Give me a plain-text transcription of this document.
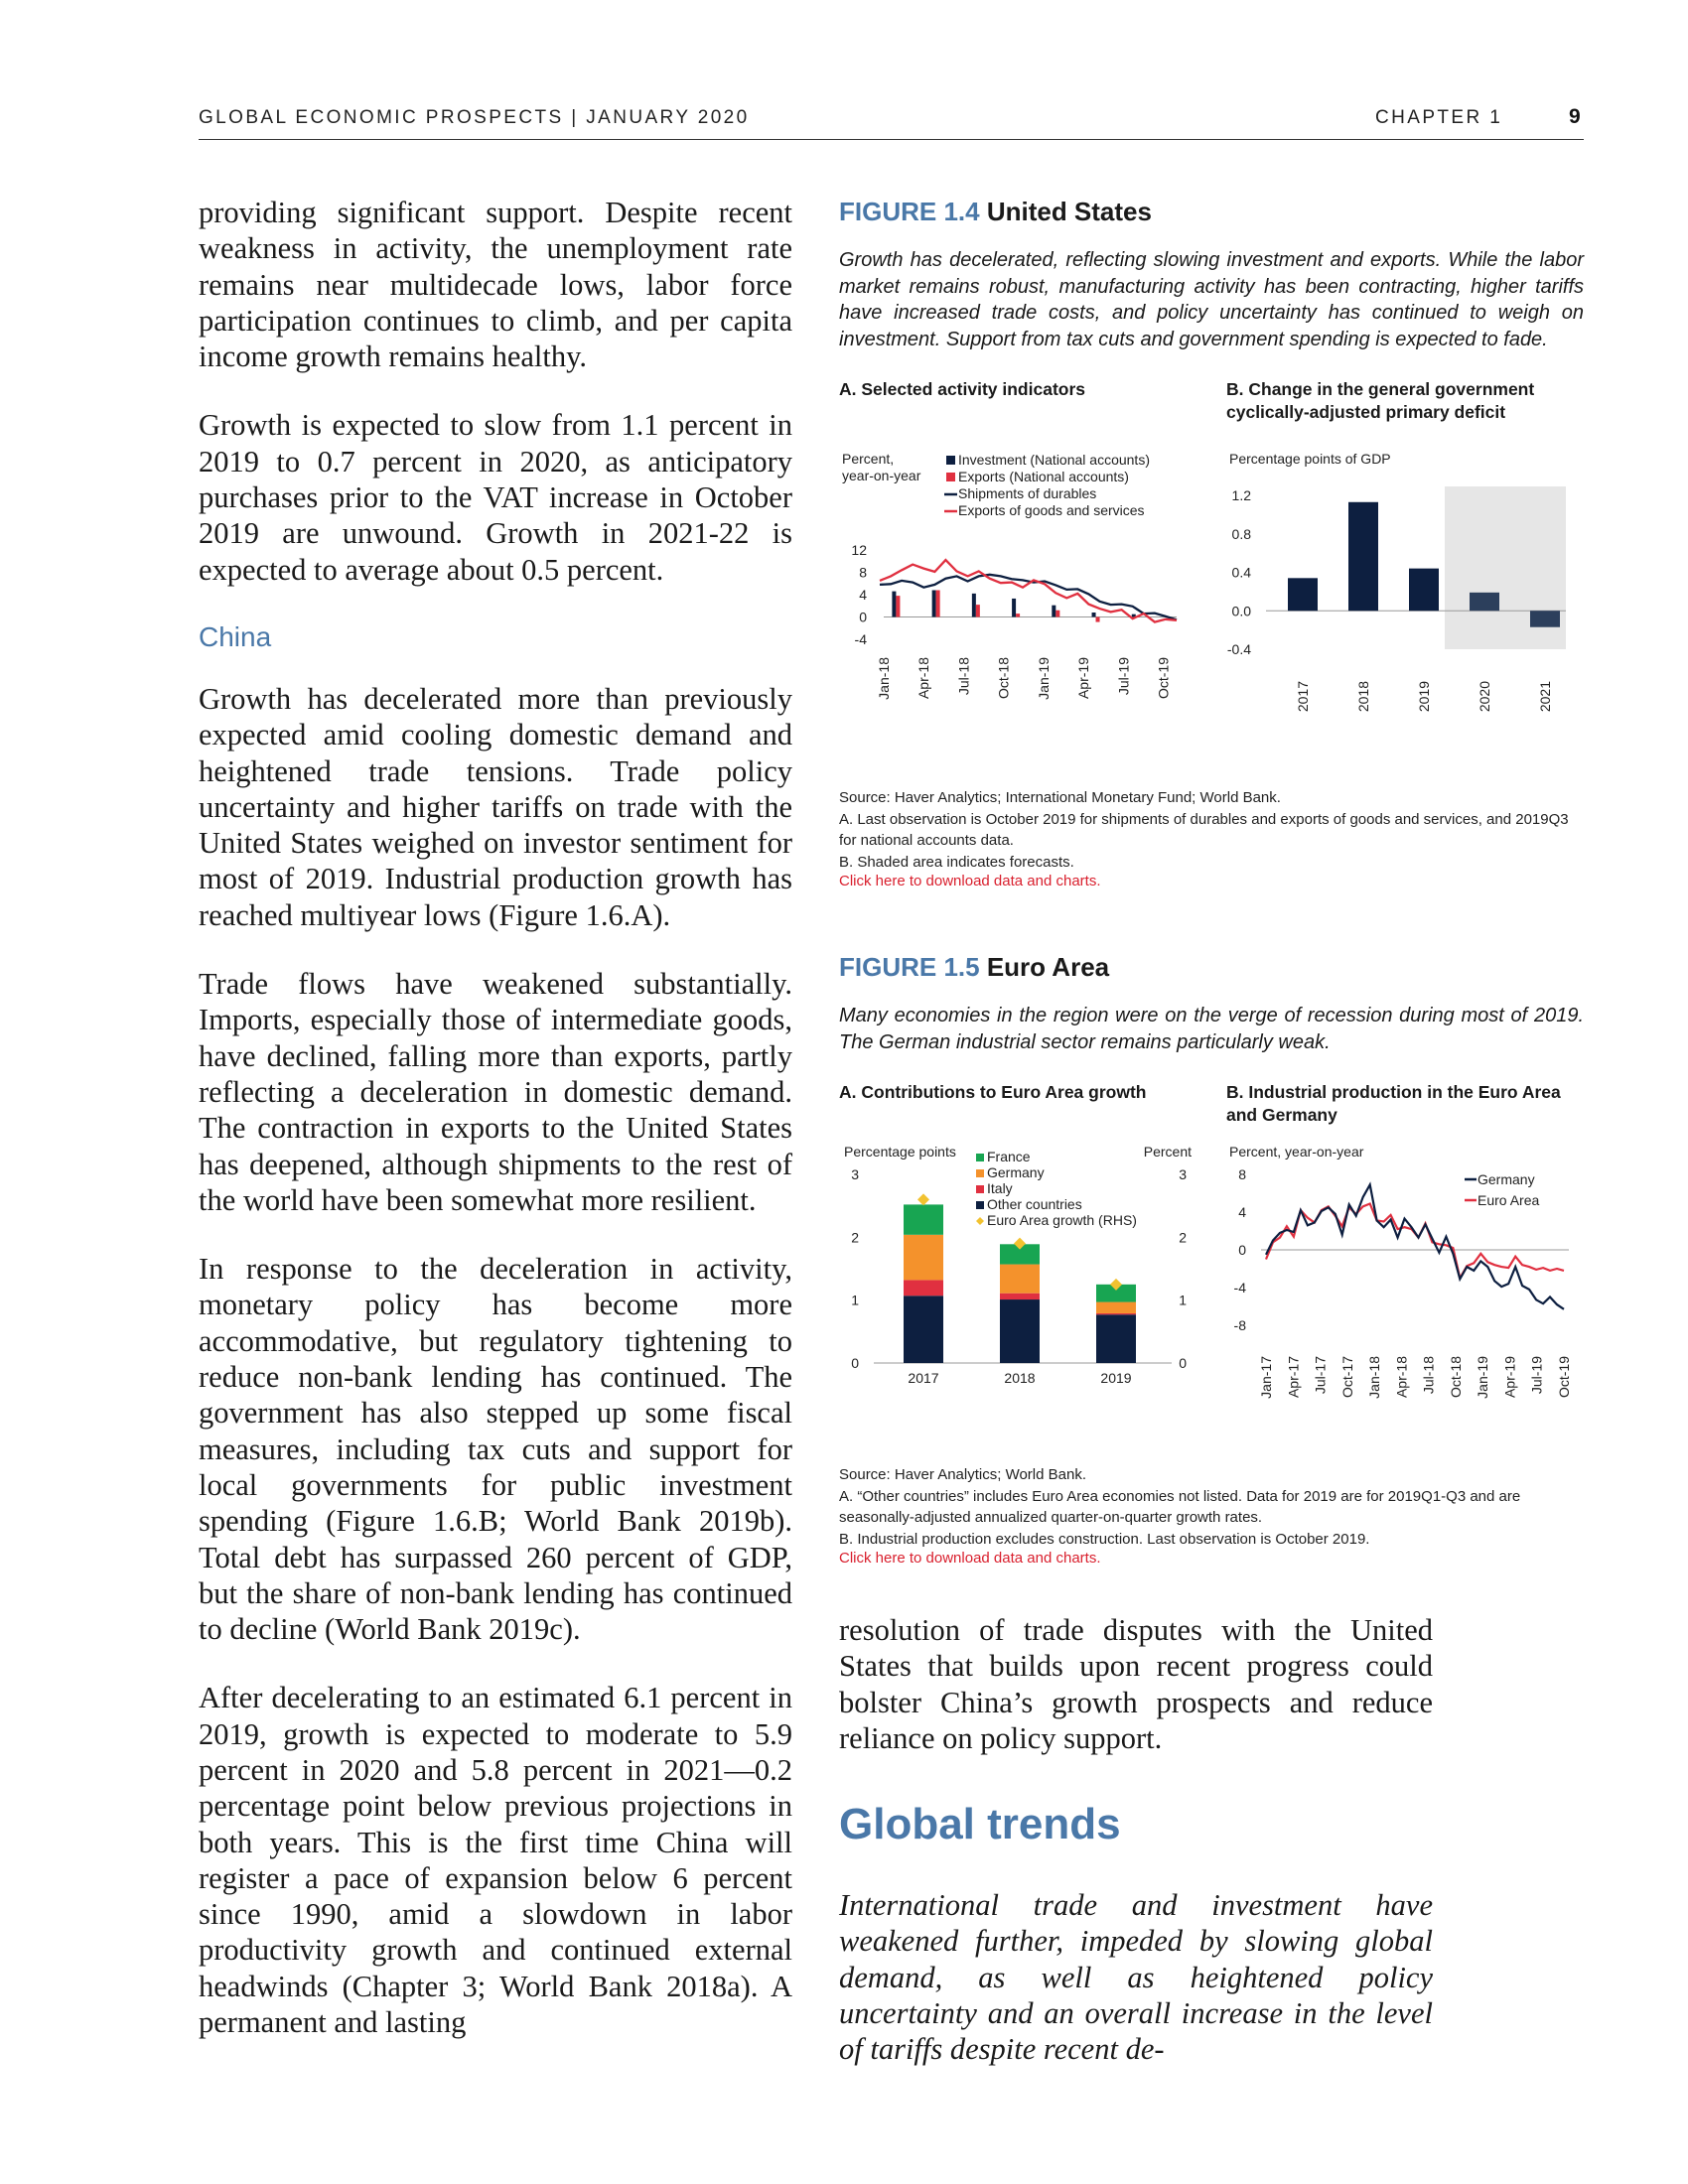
GLOBAL ECONOMIC PROSPECTS | JANUARY 2020	CHAPTER 1	9

providing significant support. Despite recent weakness in activity, the unemployment rate remains near multidecade lows, labor force participation continues to climb, and per capita income growth remains healthy.

Growth is expected to slow from 1.1 percent in 2019 to 0.7 percent in 2020, as anticipatory purchases prior to the VAT increase in October 2019 are unwound. Growth in 2021-22 is expected to average about 0.5 percent.

China

Growth has decelerated more than previously expected amid cooling domestic demand and heightened trade tensions. Trade policy uncertainty and higher tariffs on trade with the United States weighed on investor sentiment for most of 2019. Industrial production growth has reached multiyear lows (Figure 1.6.A).

Trade flows have weakened substantially. Imports, especially those of intermediate goods, have declined, falling more than exports, partly reflecting a deceleration in domestic demand. The contraction in exports to the United States has deepened, although shipments to the rest of the world have been somewhat more resilient.

In response to the deceleration in activity, monetary policy has become more accommodative, but regulatory tightening to reduce non-bank lending has continued. The government has also stepped up some fiscal measures, including tax cuts and support for local governments for public investment spending (Figure 1.6.B; World Bank 2019b). Total debt has surpassed 260 percent of GDP, but the share of non-bank lending has continued to decline (World Bank 2019c).

After decelerating to an estimated 6.1 percent in 2019, growth is expected to moderate to 5.9 percent in 2020 and 5.8 percent in 2021—0.2 percentage point below previous projections in both years. This is the first time China will register a pace of expansion below 6 percent since 1990, amid a slowdown in labor productivity growth and continued external headwinds (Chapter 3; World Bank 2018a). A permanent and lasting

FIGURE 1.4 United States

Growth has decelerated, reflecting slowing investment and exports. While the labor market remains robust, manufacturing activity has been contracting, higher tariffs have increased trade costs, and policy uncertainty has continued to weigh on investment. Support from tax cuts and government spending is expected to fade.

A. Selected activity indicators	B. Change in the general government cyclically-adjusted primary deficit
Percent,
year-on-year
Investment (National accounts)
Exports (National accounts)
Shipments of durables
Exports of goods and services
-4
0
4
8
12
Jan-18 Apr-18 Jul-18 Oct-18 Jan-19 Apr-19 Jul-19 Oct-19
Percentage points of GDP
-0.4
0.0
0.4
0.8
1.2
2017	2018	2019	2020	2021
Source: Haver Analytics; International Monetary Fund; World Bank.
A. Last observation is October 2019 for shipments of durables and exports of goods and services, and 2019Q3 for national accounts data.
B. Shaded area indicates forecasts.
Click here to download data and charts.

FIGURE 1.5 Euro Area

Many economies in the region were on the verge of recession during most of 2019. The German industrial sector remains particularly weak.

A. Contributions to Euro Area growth	B. Industrial production in the Euro Area and Germany
Percentage points	Percent
France
Germany
Italy
Other countries
Euro Area growth (RHS)
0	0
1	1
2	2
3	3
2017	2018	2019
Percent, year-on-year
Germany
Euro Area
-8
-4
0
4
8
Jan-17 Apr-17 Jul-17 Oct-17 Jan-18 Apr-18 Jul-18 Oct-18 Jan-19 Apr-19 Jul-19 Oct-19
Source: Haver Analytics; World Bank.
A. “Other countries” includes Euro Area economies not listed. Data for 2019 are for 2019Q1-Q3 and are seasonally-adjusted annualized quarter-on-quarter growth rates.
B. Industrial production excludes construction. Last observation is October 2019.
Click here to download data and charts.

resolution of trade disputes with the United States that builds upon recent progress could bolster China’s growth prospects and reduce reliance on policy support.

Global trends

International trade and investment have weakened further, impeded by slowing global demand, as well as heightened policy uncertainty and an overall increase in the level of tariffs despite recent de-
